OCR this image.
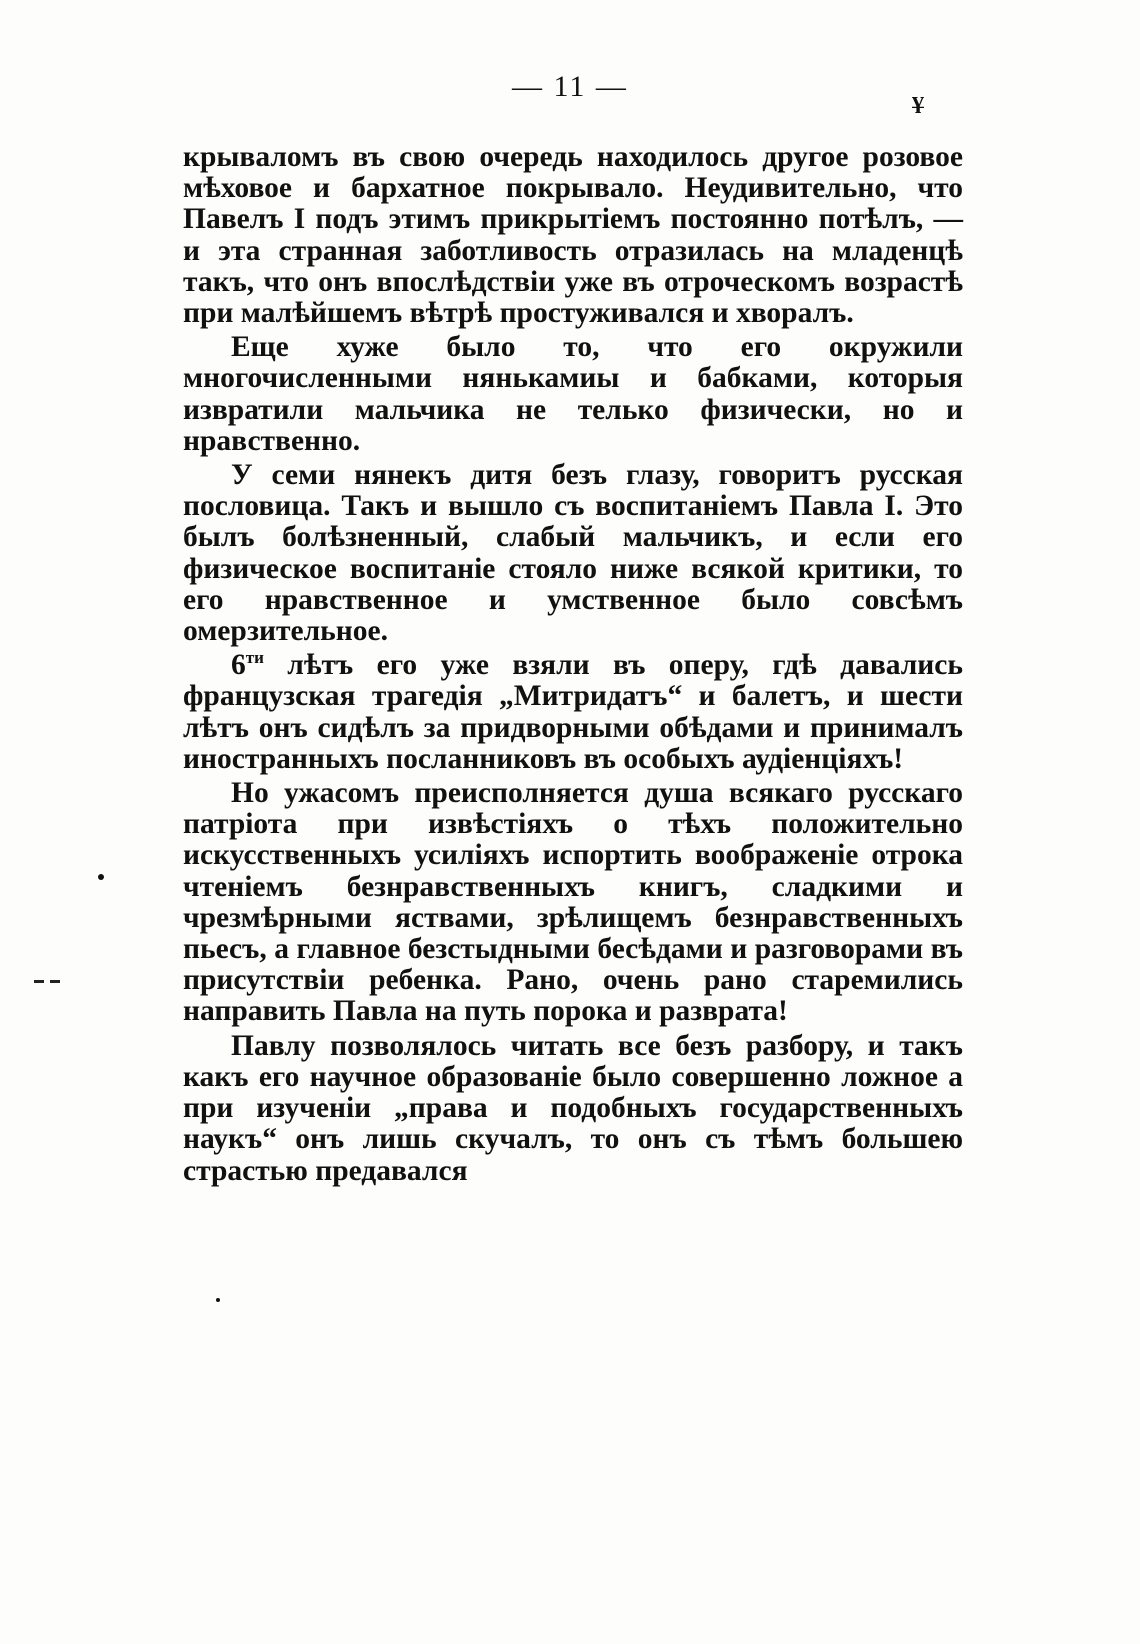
— 11 —	ұ

крываломъ въ свою очередь находилось другое розовое мѣховое и бархатное покрывало. Неудивительно, что Павелъ I подъ этимъ прикрытіемъ постоянно потѣлъ, — и эта странная заботливость отразилась на младенцѣ такъ, что онъ впослѣдствіи уже въ отроческомъ возрастѣ при малѣйшемъ вѣтрѣ простуживался и хворалъ.

Еще хуже было то, что его окружили многочисленными нянькамиы и бабками, которыя извратили мальчика не телько физически, но и нравственно.

У семи нянекъ дитя безъ глазу, говоритъ русская пословица. Такъ и вышло съ воспитаніемъ Павла I. Это былъ болѣзненный, слабый мальчикъ, и если его физическое воспитаніе стояло ниже всякой критики, то его нравственное и умственное было совсѣмъ омерзительное.

$6^{ти}$ лѣтъ его уже взяли въ оперу, гдѣ давались французская трагедія „Митридатъ“ и балетъ, и шести лѣтъ онъ сидѣлъ за придворными обѣдами и принималъ иностранныхъ посланниковъ въ особыхъ аудіенціяхъ!

Но ужасомъ преисполняется душа всякаго русскаго патріота при извѣстіяхъ о тѣхъ положительно искусственныхъ усиліяхъ испортить воображеніе отрока чтеніемъ безнравственныхъ книгъ, сладкими и чрезмѣрными яствами, зрѣлищемъ безнравственныхъ пьесъ, а главное безстыдными бесѣдами и разговорами въ присутствіи ребенка. Рано, очень рано старемились направить Павла на путь порока и разврата!

Павлу позволялось читать все безъ разбору, и такъ какъ его научное образованіе было совершенно ложное а при изученіи „права и подобныхъ государственныхъ наукъ“ онъ лишь скучалъ, то онъ съ тѣмъ большею страстью предавался
